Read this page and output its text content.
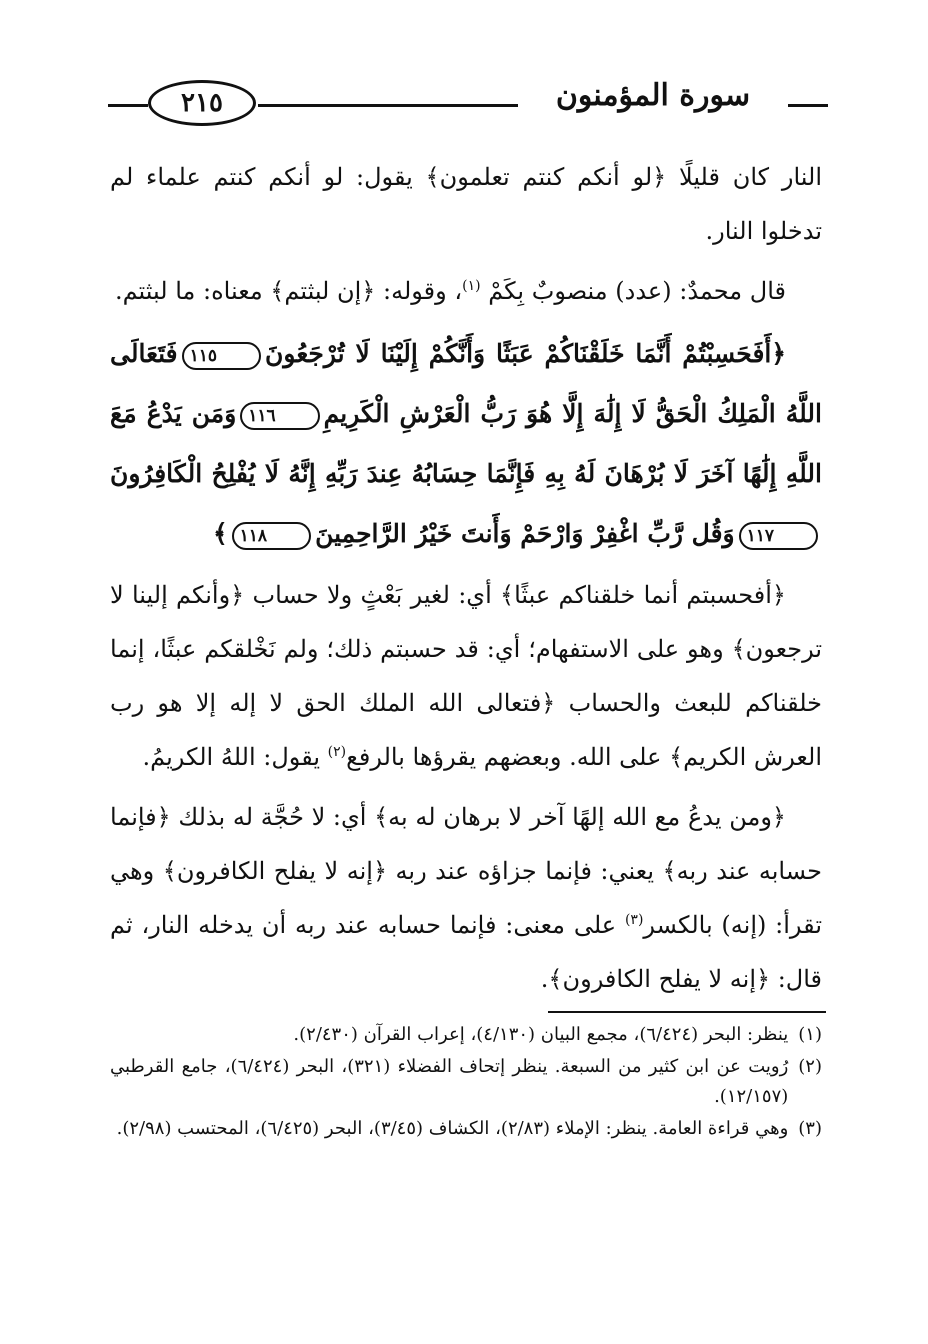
٢١٥	سورة المؤمنون

النار كان قليلًا ﴿لو أنكم كنتم تعلمون﴾ يقول: لو أنكم كنتم علماء لم تدخلوا النار.

قال محمدٌ: (عدد) منصوبٌ بِكَمْ $^{(١)}$، وقوله: ﴿إن لبثتم﴾ معناه: ما لبثتم.

﴿أَفَحَسِبْتُمْ أَنَّمَا خَلَقْنَاكُمْ عَبَثًا وَأَنَّكُمْ إِلَيْنَا لَا تُرْجَعُونَ١١٥فَتَعَالَى اللَّهُ الْمَلِكُ الْحَقُّ لَا إِلَٰهَ إِلَّا هُوَ رَبُّ الْعَرْشِ الْكَرِيمِ١١٦وَمَن يَدْعُ مَعَ اللَّهِ إِلَٰهًا آخَرَ لَا بُرْهَانَ لَهُ بِهِ فَإِنَّمَا حِسَابُهُ عِندَ رَبِّهِ إِنَّهُ لَا يُفْلِحُ الْكَافِرُونَ١١٧وَقُل رَّبِّ اغْفِرْ وَارْحَمْ وَأَنتَ خَيْرُ الرَّاحِمِينَ١١٨﴾

﴿أفحسبتم أنما خلقناكم عبثًا﴾ أي: لغير بَعْثٍ ولا حساب ﴿وأنكم إلينا لا ترجعون﴾ وهو على الاستفهام؛ أي: قد حسبتم ذلك؛ ولم نَخْلقكم عبثًا، إنما خلقناكم للبعث والحساب ﴿فتعالى الله الملك الحق لا إله إلا هو رب العرش الكريم﴾ على الله. وبعضهم يقرؤها بالرفع$^{(٢)}$ يقول: اللهُ الكريمُ.

﴿ومن يدعُ مع الله إلهًا آخر لا برهان له به﴾ أي: لا حُجَّة له بذلك ﴿فإنما حسابه عند ربه﴾ يعني: فإنما جزاؤه عند ربه ﴿إنه لا يفلح الكافرون﴾ وهي تقرأ: (إنه) بالكسر$^{(٣)}$ على معنى: فإنما حسابه عند ربه أن يدخله النار، ثم قال: ﴿إنه لا يفلح الكافرون﴾.

(١)
ينظر: البحر (٦/٤٢٤)، مجمع البيان (٤/١٣٠)، إعراب القرآن (٢/٤٣٠).
(٢)
رُويت عن ابن كثير من السبعة. ينظر إتحاف الفضلاء (٣٢١)، البحر (٦/٤٢٤)، جامع القرطبي (١٢/١٥٧).
(٣)
وهي قراءة العامة. ينظر: الإملاء (٢/٨٣)، الكشاف (٣/٤٥)، البحر (٦/٤٢٥)، المحتسب (٢/٩٨).
